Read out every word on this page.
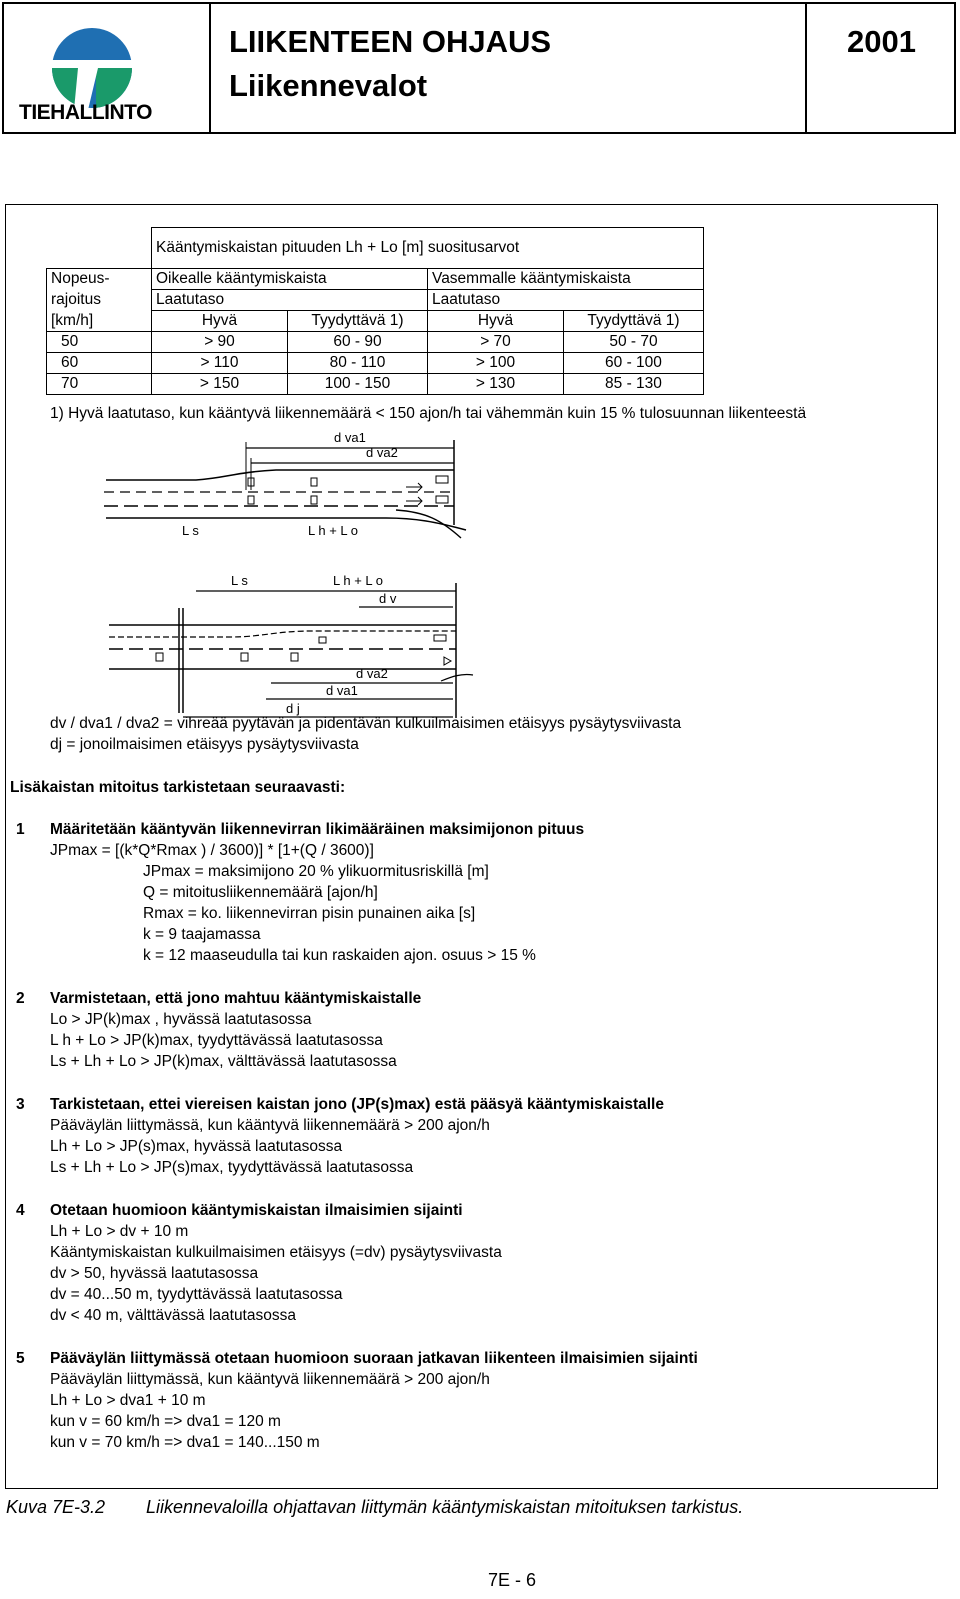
TIEHALLINTO
LIIKENTEEN OHJAUS
Liikennevalot
2001
	Kääntymiskaistan pituuden Lh + Lo [m] suositusarvot			
Nopeus-	Oikealle kääntymiskaista		Vasemmalle kääntymiskaista	
rajoitus	Laatutaso		Laatutaso	
[km/h]	Hyvä	Tyydyttävä 1)	Hyvä	Tyydyttävä 1)
50	> 90	60 - 90	> 70	50 - 70
60	> 110	80 - 110	> 100	60 - 100
70	> 150	100 - 150	> 130	85 - 130
1) Hyvä laatutaso, kun kääntyvä liikennemäärä < 150 ajon/h tai vähemmän kuin 15 % tulosuunnan liikenteestä
d va1
d va2
L s	L h + L o
L s	L h + L o
d v
d va2
d va1
d j
dv / dva1 / dva2 = vihreää pyytävän ja pidentävän kulkuilmaisimen etäisyys pysäytysviivasta
dj = jonoilmaisimen etäisyys pysäytysviivasta
Lisäkaistan mitoitus tarkistetaan seuraavasti:
1 Määritetään kääntyvän liikennevirran likimääräinen maksimijonon pituus
JPmax = [(k*Q*Rmax ) / 3600)] * [1+(Q / 3600)]
JPmax = maksimijono 20 % ylikuormitusriskillä [m]
Q = mitoitusliikennemäärä [ajon/h]
Rmax = ko. liikennevirran pisin punainen aika [s]
k = 9 taajamassa
k = 12 maaseudulla tai kun raskaiden ajon. osuus > 15 %
2 Varmistetaan, että jono mahtuu kääntymiskaistalle
Lo > JP(k)max , hyvässä laatutasossa
L h + Lo > JP(k)max, tyydyttävässä laatutasossa
Ls + Lh + Lo > JP(k)max, välttävässä laatutasossa
3 Tarkistetaan, ettei viereisen kaistan jono (JP(s)max) estä pääsyä kääntymiskaistalle
Pääväylän liittymässä, kun kääntyvä liikennemäärä > 200 ajon/h
Lh + Lo > JP(s)max, hyvässä laatutasossa
Ls + Lh + Lo > JP(s)max, tyydyttävässä laatutasossa
4 Otetaan huomioon kääntymiskaistan ilmaisimien sijainti
Lh + Lo > dv + 10 m
Kääntymiskaistan kulkuilmaisimen etäisyys (=dv) pysäytysviivasta
dv > 50, hyvässä laatutasossa
dv = 40...50 m, tyydyttävässä laatutasossa
dv < 40 m, välttävässä laatutasossa
5 Pääväylän liittymässä otetaan huomioon suoraan jatkavan liikenteen ilmaisimien sijainti
Pääväylän liittymässä, kun kääntyvä liikennemäärä > 200 ajon/h
Lh + Lo > dva1 + 10 m
kun v = 60 km/h => dva1 = 120 m
kun v = 70 km/h => dva1 = 140...150 m
Kuva 7E-3.2 Liikennevaloilla ohjattavan liittymän kääntymiskaistan mitoituksen tarkistus.
7E - 6
